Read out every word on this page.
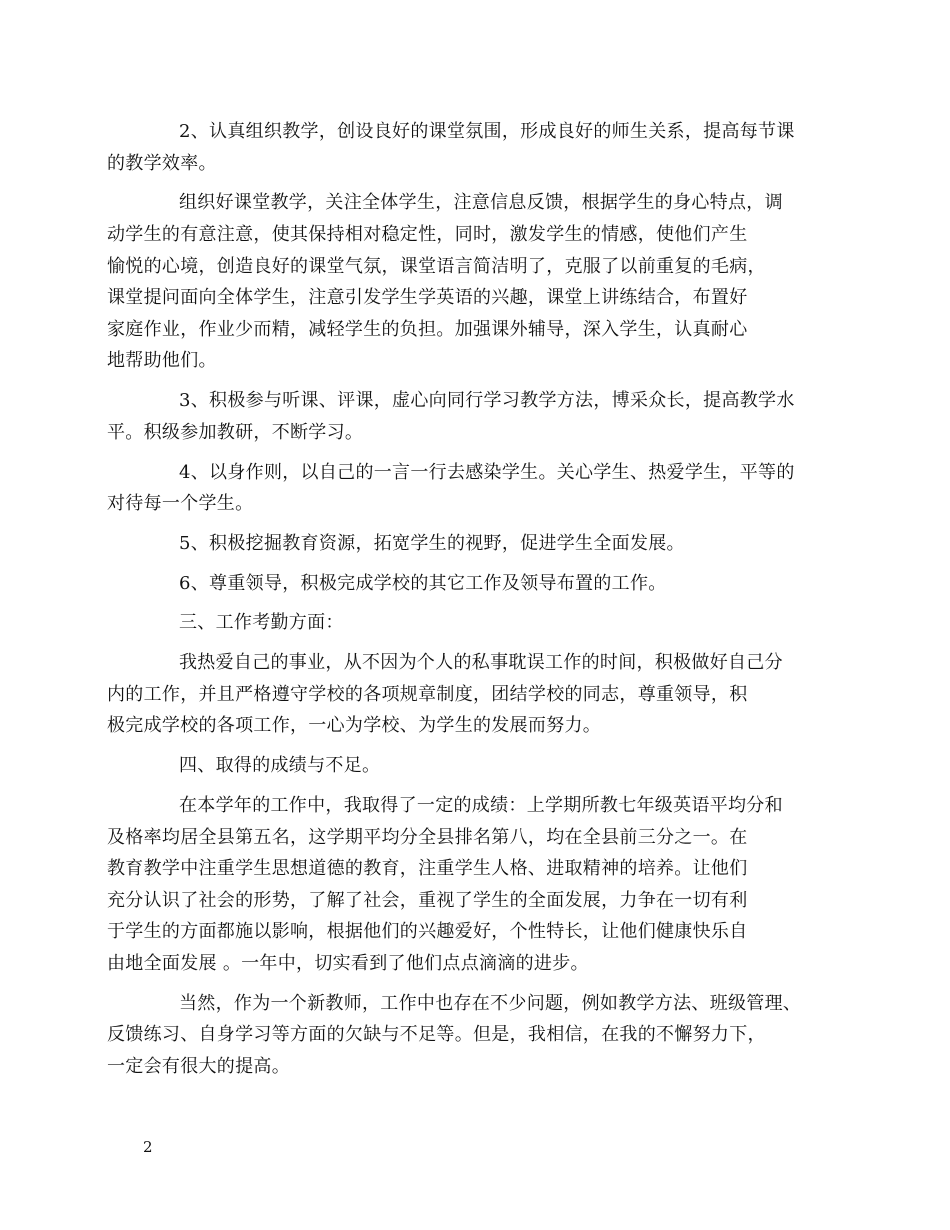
2、认真组织教学，创设良好的课堂氛围，形成良好的师生关系，提高每节课
的教学效率。

组织好课堂教学，关注全体学生，注意信息反馈，根据学生的身心特点，调
动学生的有意注意，使其保持相对稳定性，同时，激发学生的情感，使他们产生
愉悦的心境，创造良好的课堂气氛，课堂语言简洁明了，克服了以前重复的毛病，
课堂提问面向全体学生，注意引发学生学英语的兴趣，课堂上讲练结合，布置好
家庭作业，作业少而精，减轻学生的负担。加强课外辅导，深入学生，认真耐心
地帮助他们。

3、积极参与听课、评课，虚心向同行学习教学方法，博采众长，提高教学水
平。积级参加教研，不断学习。

4、以身作则，以自己的一言一行去感染学生。关心学生、热爱学生，平等的
对待每一个学生。

5、积极挖掘教育资源，拓宽学生的视野，促进学生全面发展。

6、尊重领导，积极完成学校的其它工作及领导布置的工作。

三、工作考勤方面：

我热爱自己的事业，从不因为个人的私事耽误工作的时间，积极做好自己分
内的工作，并且严格遵守学校的各项规章制度，团结学校的同志，尊重领导，积
极完成学校的各项工作，一心为学校、为学生的发展而努力。

四、取得的成绩与不足。

在本学年的工作中，我取得了一定的成绩：上学期所教七年级英语平均分和
及格率均居全县第五名，这学期平均分全县排名第八，均在全县前三分之一。在
教育教学中注重学生思想道德的教育，注重学生人格、进取精神的培养。让他们
充分认识了社会的形势，了解了社会，重视了学生的全面发展，力争在一切有利
于学生的方面都施以影响，根据他们的兴趣爱好，个性特长，让他们健康快乐自
由地全面发展 。一年中，切实看到了他们点点滴滴的进步。

当然，作为一个新教师，工作中也存在不少问题，例如教学方法、班级管理、
反馈练习、自身学习等方面的欠缺与不足等。但是，我相信，在我的不懈努力下，
一定会有很大的提高。

2
